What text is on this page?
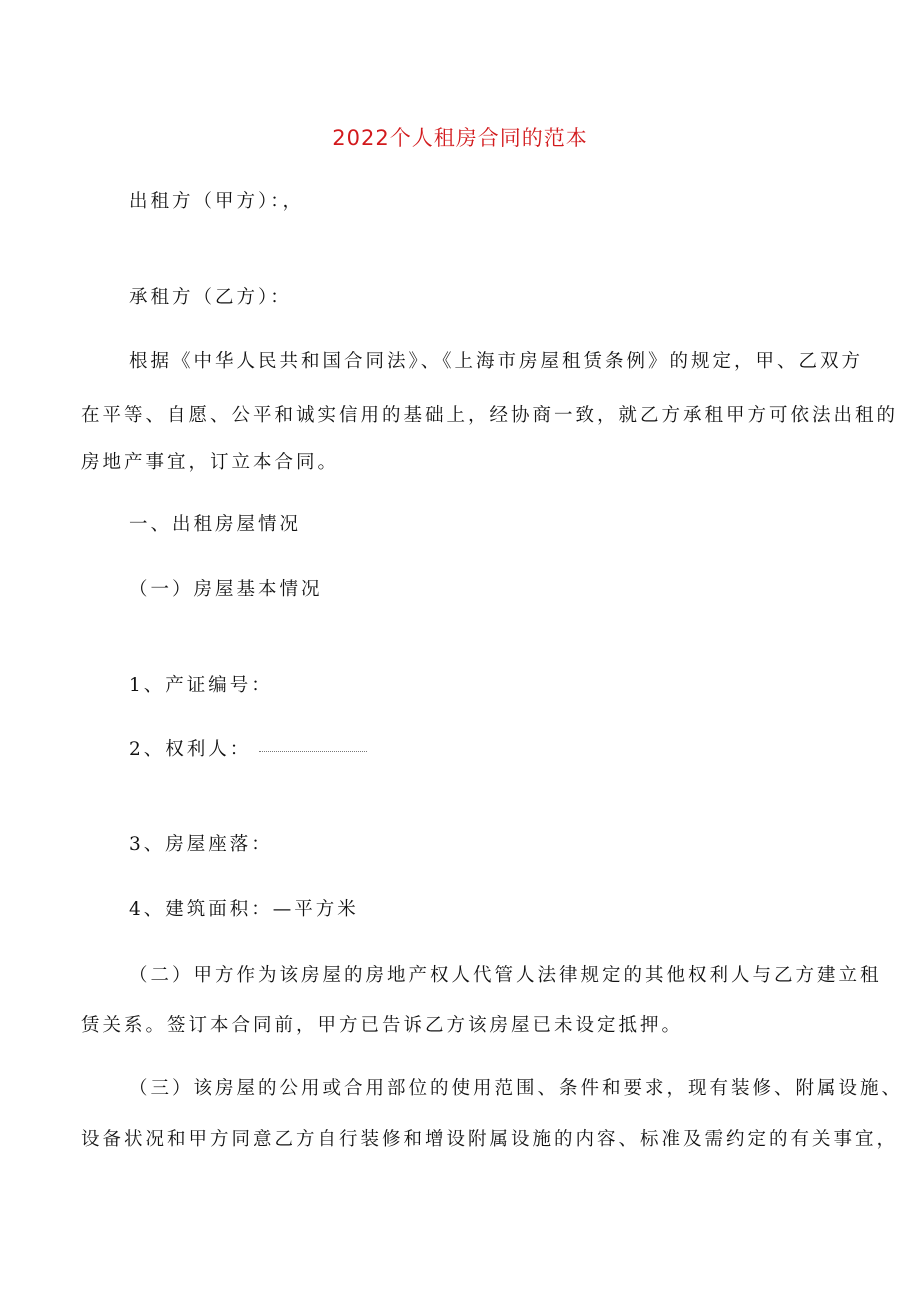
2022个人租房合同的范本
出租方（甲方）：，
承租方（乙方）：
根据《中华人民共和国合同法》、《上海市房屋租赁条例》的规定，甲、乙双方
在平等、自愿、公平和诚实信用的基础上，经协商一致，就乙方承租甲方可依法出租的
房地产事宜，订立本合同。
一、出租房屋情况
（一）房屋基本情况
1、产证编号：
2、权利人：
3、房屋座落：
4、建筑面积：—平方米
（二）甲方作为该房屋的房地产权人代管人法律规定的其他权利人与乙方建立租
赁关系。签订本合同前，甲方已告诉乙方该房屋已未设定抵押。
（三）该房屋的公用或合用部位的使用范围、条件和要求，现有装修、附属设施、
设备状况和甲方同意乙方自行装修和增设附属设施的内容、标准及需约定的有关事宜，
